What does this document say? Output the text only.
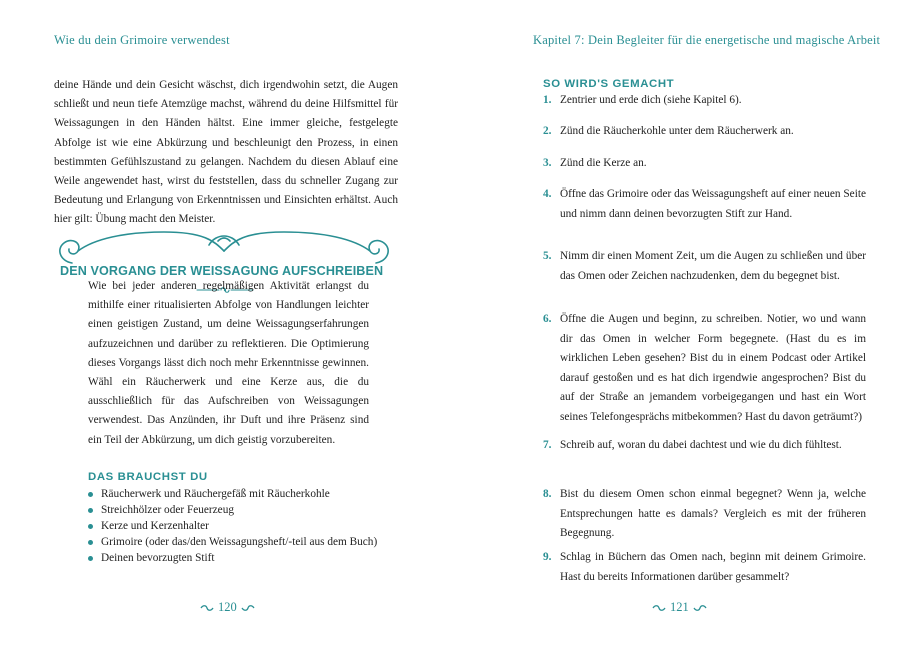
Wie du dein Grimoire verwendest	Kapitel 7: Dein Begleiter für die energetische und magische Arbeit
deine Hände und dein Gesicht wäschst, dich irgendwohin setzt, die Augen schließt und neun tiefe Atemzüge machst, während du deine Hilfsmittel für Weissagungen in den Händen hältst. Eine immer gleiche, festgelegte Abfolge ist wie eine Abkürzung und beschleunigt den Prozess, in einen bestimmten Gefühlszustand zu gelangen. Nachdem du diesen Ablauf eine Weile angewendet hast, wirst du feststellen, dass du schneller Zugang zur Bedeutung und Erlangung von Erkenntnissen und Einsichten erhältst. Auch hier gilt: Übung macht den Meister.
DEN VORGANG DER WEISSAGUNG AUFSCHREIBEN
Wie bei jeder anderen regelmäßigen Aktivität erlangst du mithilfe einer ritualisierten Abfolge von Handlungen leichter einen geistigen Zustand, um deine Weissagungserfahrungen aufzuzeichnen und darüber zu reflektieren. Die Optimierung dieses Vorgangs lässt dich noch mehr Erkenntnisse gewinnen. Wähl ein Räucherwerk und eine Kerze aus, die du ausschließlich für das Aufschreiben von Weissagungen verwendest. Das Anzünden, ihr Duft und ihre Präsenz sind ein Teil der Abkürzung, um dich geistig vorzubereiten.
DAS BRAUCHST DU
Räucherwerk und Räuchergefäß mit Räucherkohle
Streichhölzer oder Feuerzeug
Kerze und Kerzenhalter
Grimoire (oder das/den Weissagungsheft/-teil aus dem Buch)
Deinen bevorzugten Stift
120
SO WIRD'S GEMACHT
1. Zentrier und erde dich (siehe Kapitel 6).
2. Zünd die Räucherkohle unter dem Räucherwerk an.
3. Zünd die Kerze an.
4. Öffne das Grimoire oder das Weissagungsheft auf einer neuen Seite und nimm dann deinen bevorzugten Stift zur Hand.
5. Nimm dir einen Moment Zeit, um die Augen zu schließen und über das Omen oder Zeichen nachzudenken, dem du begegnet bist.
6. Öffne die Augen und beginn, zu schreiben. Notier, wo und wann dir das Omen in welcher Form begegnete. (Hast du es im wirklichen Leben gesehen? Bist du in einem Podcast oder Artikel darauf gestoßen und es hat dich irgendwie angesprochen? Bist du auf der Straße an jemandem vorbeigegangen und hast ein Wort seines Telefongesprächs mitbekommen? Hast du davon geträumt?)
7. Schreib auf, woran du dabei dachtest und wie du dich fühltest.
8. Bist du diesem Omen schon einmal begegnet? Wenn ja, welche Entsprechungen hatte es damals? Vergleich es mit der früheren Begegnung.
9. Schlag in Büchern das Omen nach, beginn mit deinem Grimoire. Hast du bereits Informationen darüber gesammelt?
121
